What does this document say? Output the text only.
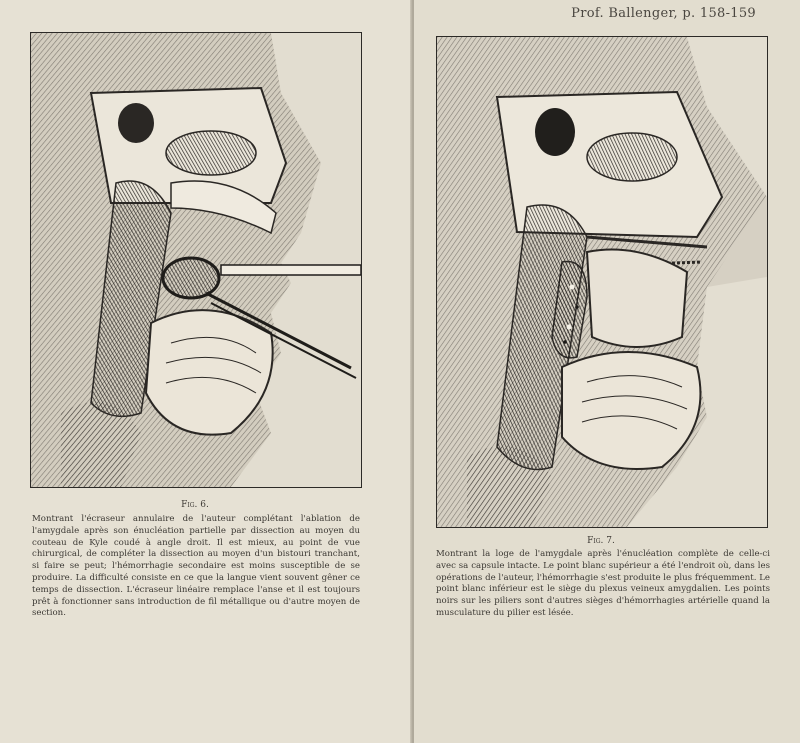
Fig. 6.
Montrant l'écraseur annulaire de l'auteur complétant l'ablation de l'amygdale après son énucléation partielle par dissection au moyen du couteau de Kyle coudé à angle droit. Il est mieux, au point de vue chirurgical, de compléter la dissection au moyen d'un bistouri tranchant, si faire se peut; l'hémorrhagie secondaire est moins susceptible de se produire. La difficulté consiste en ce que la langue vient souvent gêner ce temps de dissection. L'écraseur linéaire remplace l'anse et il est toujours prêt à fonctionner sans introduction de fil métallique ou d'autre moyen de section.
Prof. Ballenger, p. 158-159
Fig. 7.
Montrant la loge de l'amygdale après l'énucléation complète de celle-ci avec sa capsule intacte. Le point blanc supérieur a été l'endroit où, dans les opérations de l'auteur, l'hémorrhagie s'est produite le plus fréquemment. Le point blanc inférieur est le siège du plexus veineux amygdalien. Les points noirs sur les piliers sont d'autres sièges d'hémorrhagies artérielle quand la musculature du pilier est lésée.
